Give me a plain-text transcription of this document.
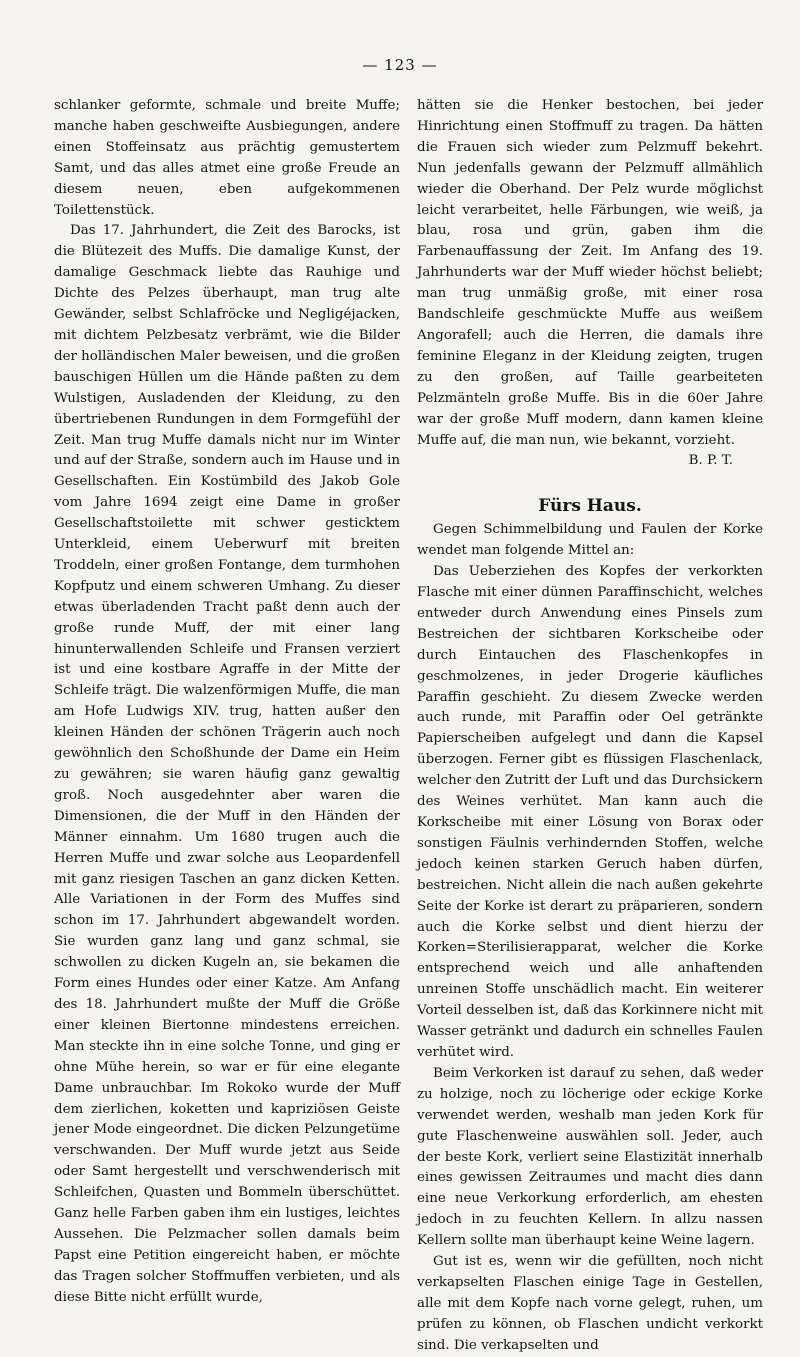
— 123 —

schlanker geformte, schmale und breite Muffe; manche haben geschweifte Ausbiegungen, andere einen Stoffeinsatz aus prächtig gemustertem Samt, und das alles atmet eine große Freude an diesem neuen, eben aufgekommenen Toilettenstück.

Das 17. Jahrhundert, die Zeit des Barocks, ist die Blütezeit des Muffs. Die damalige Kunst, der damalige Geschmack liebte das Rauhige und Dichte des Pelzes überhaupt, man trug alte Gewänder, selbst Schlafröcke und Negligéjacken, mit dichtem Pelzbesatz verbrämt, wie die Bilder der holländischen Maler beweisen, und die großen bauschigen Hüllen um die Hände paßten zu dem Wulstigen, Ausladenden der Kleidung, zu den übertriebenen Rundungen in dem Formgefühl der Zeit. Man trug Muffe damals nicht nur im Winter und auf der Straße, sondern auch im Hause und in Gesellschaften. Ein Kostümbild des Jakob Gole vom Jahre 1694 zeigt eine Dame in großer Gesellschaftstoilette mit schwer gesticktem Unterkleid, einem Ueberwurf mit breiten Troddeln, einer großen Fontange, dem turmhohen Kopfputz und einem schweren Umhang. Zu dieser etwas überladenden Tracht paßt denn auch der große runde Muff, der mit einer lang hinunterwallenden Schleife und Fransen verziert ist und eine kostbare Agraffe in der Mitte der Schleife trägt. Die walzenförmigen Muffe, die man am Hofe Ludwigs XIV. trug, hatten außer den kleinen Händen der schönen Trägerin auch noch gewöhnlich den Schoßhunde der Dame ein Heim zu gewähren; sie waren häufig ganz gewaltig groß. Noch ausgedehnter aber waren die Dimensionen, die der Muff in den Händen der Männer einnahm. Um 1680 trugen auch die Herren Muffe und zwar solche aus Leopardenfell mit ganz riesigen Taschen an ganz dicken Ketten. Alle Variationen in der Form des Muffes sind schon im 17. Jahrhundert abgewandelt worden. Sie wurden ganz lang und ganz schmal, sie schwollen zu dicken Kugeln an, sie bekamen die Form eines Hundes oder einer Katze. Am Anfang des 18. Jahrhundert mußte der Muff die Größe einer kleinen Biertonne mindestens erreichen. Man steckte ihn in eine solche Tonne, und ging er ohne Mühe herein, so war er für eine elegante Dame unbrauchbar. Im Rokoko wurde der Muff dem zierlichen, koketten und kapriziösen Geiste jener Mode eingeordnet. Die dicken Pelzungetüme verschwanden. Der Muff wurde jetzt aus Seide oder Samt hergestellt und verschwenderisch mit Schleifchen, Quasten und Bommeln überschüttet. Ganz helle Farben gaben ihm ein lustiges, leichtes Aussehen. Die Pelzmacher sollen damals beim Papst eine Petition eingereicht haben, er möchte das Tragen solcher Stoffmuffen verbieten, und als diese Bitte nicht erfüllt wurde,

hätten sie die Henker bestochen, bei jeder Hinrichtung einen Stoffmuff zu tragen. Da hätten die Frauen sich wieder zum Pelzmuff bekehrt. Nun jedenfalls gewann der Pelzmuff allmählich wieder die Oberhand. Der Pelz wurde möglichst leicht verarbeitet, helle Färbungen, wie weiß, ja blau, rosa und grün, gaben ihm die Farbenauffassung der Zeit. Im Anfang des 19. Jahrhunderts war der Muff wieder höchst beliebt; man trug unmäßig große, mit einer rosa Bandschleife geschmückte Muffe aus weißem Angorafell; auch die Herren, die damals ihre feminine Eleganz in der Kleidung zeigten, trugen zu den großen, auf Taille gearbeiteten Pelzmänteln große Muffe. Bis in die 60er Jahre war der große Muff modern, dann kamen kleine Muffe auf, die man nun, wie bekannt, vorzieht.

B. P. T.
Fürs Haus.

Gegen Schimmelbildung und Faulen der Korke wendet man folgende Mittel an:

Das Ueberziehen des Kopfes der verkorkten Flasche mit einer dünnen Paraffinschicht, welches entweder durch Anwendung eines Pinsels zum Bestreichen der sichtbaren Korkscheibe oder durch Eintauchen des Flaschenkopfes in geschmolzenes, in jeder Drogerie käufliches Paraffin geschieht. Zu diesem Zwecke werden auch runde, mit Paraffin oder Oel getränkte Papierscheiben aufgelegt und dann die Kapsel überzogen. Ferner gibt es flüssigen Flaschenlack, welcher den Zutritt der Luft und das Durchsickern des Weines verhütet. Man kann auch die Korkscheibe mit einer Lösung von Borax oder sonstigen Fäulnis verhindernden Stoffen, welche jedoch keinen starken Geruch haben dürfen, bestreichen. Nicht allein die nach außen gekehrte Seite der Korke ist derart zu präparieren, sondern auch die Korke selbst und dient hierzu der Korken=Sterilisierapparat, welcher die Korke entsprechend weich und alle anhaftenden unreinen Stoffe unschädlich macht. Ein weiterer Vorteil desselben ist, daß das Korkinnere nicht mit Wasser getränkt und dadurch ein schnelles Faulen verhütet wird.

Beim Verkorken ist darauf zu sehen, daß weder zu holzige, noch zu löcherige oder eckige Korke verwendet werden, weshalb man jeden Kork für gute Flaschenweine auswählen soll. Jeder, auch der beste Kork, verliert seine Elastizität innerhalb eines gewissen Zeitraumes und macht dies dann eine neue Verkorkung erforderlich, am ehesten jedoch in zu feuchten Kellern. In allzu nassen Kellern sollte man überhaupt keine Weine lagern.

Gut ist es, wenn wir die gefüllten, noch nicht verkapselten Flaschen einige Tage in Gestellen, alle mit dem Kopfe nach vorne gelegt, ruhen, um prüfen zu können, ob Flaschen undicht verkorkt sind. Die verkapselten und
